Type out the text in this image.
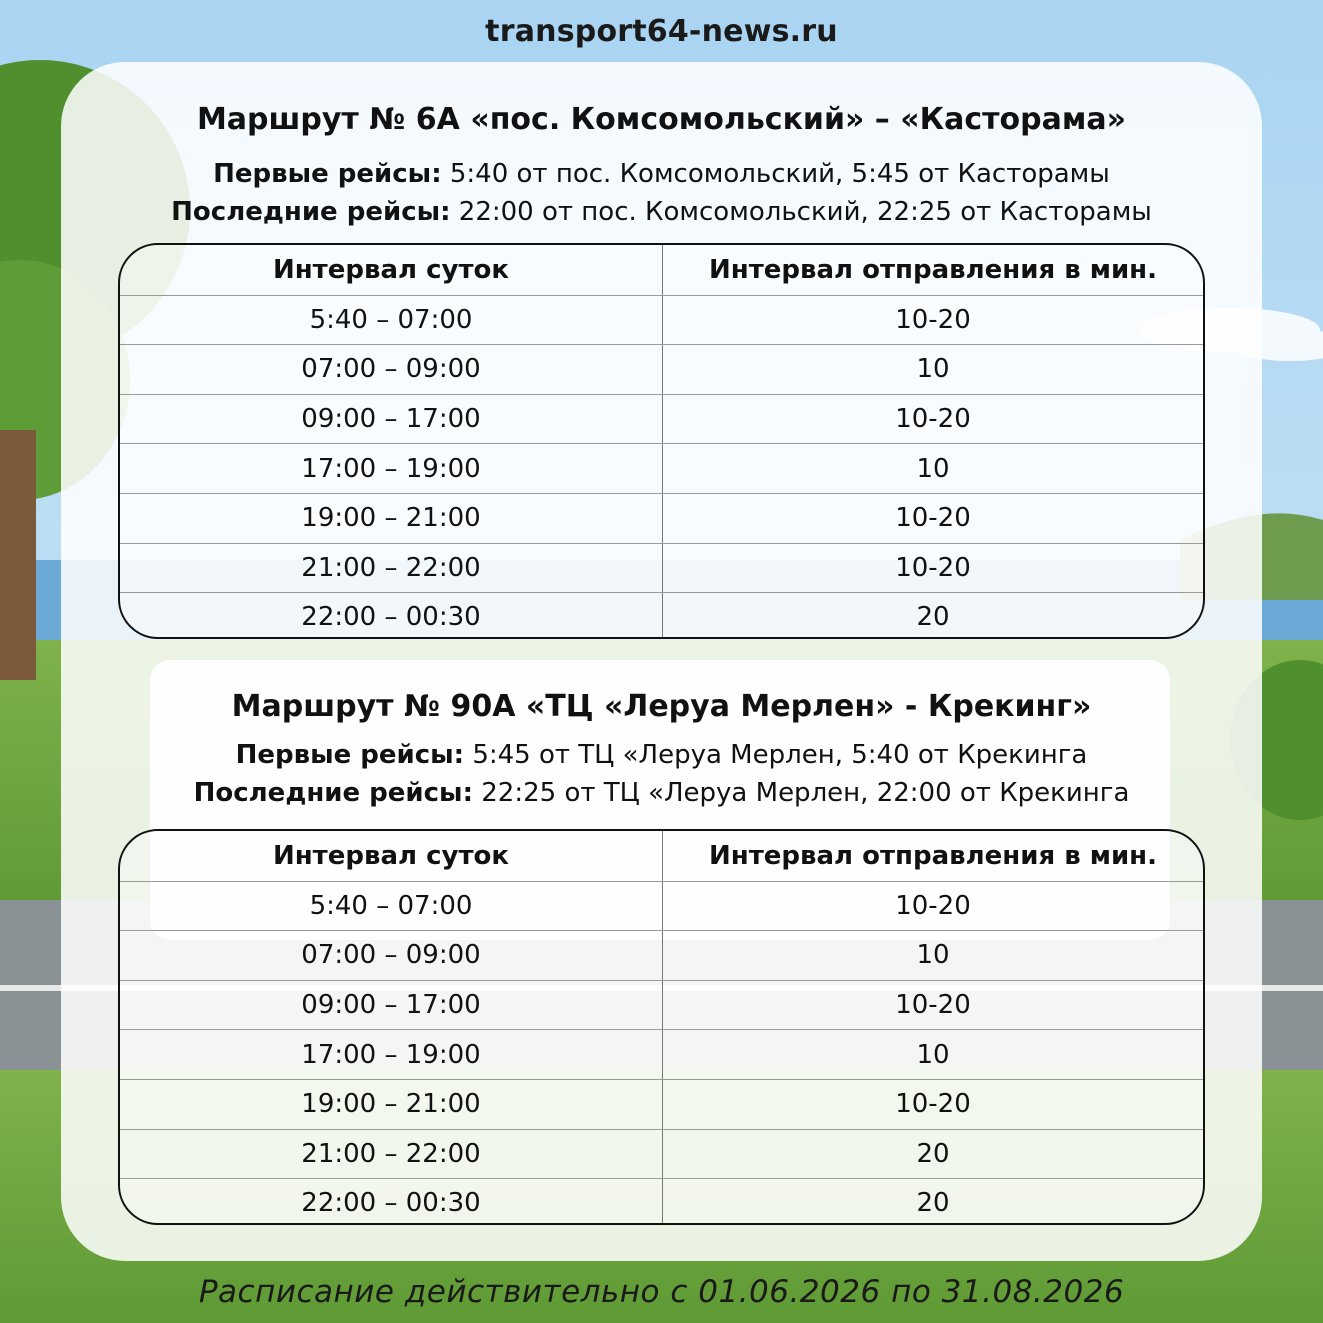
transport64-news.ru
Маршрут № 6А «пос. Комсомольский» – «Касторама»
Первые рейсы: 5:40 от пос. Комсомольский, 5:45 от Касторамы
Последние рейсы: 22:00 от пос. Комсомольский, 22:25 от Касторамы
Интервал суток	Интервал отправления в мин.
5:40 – 07:00	10-20
07:00 – 09:00	10
09:00 – 17:00	10-20
17:00 – 19:00	10
19:00 – 21:00	10-20
21:00 – 22:00	10-20
22:00 – 00:30	20
Маршрут № 90А «ТЦ «Леруа Мерлен» - Крекинг»
Первые рейсы: 5:45 от ТЦ «Леруа Мерлен, 5:40 от Крекинга
Последние рейсы: 22:25 от ТЦ «Леруа Мерлен, 22:00 от Крекинга
Интервал суток	Интервал отправления в мин.
5:40 – 07:00	10-20
07:00 – 09:00	10
09:00 – 17:00	10-20
17:00 – 19:00	10
19:00 – 21:00	10-20
21:00 – 22:00	20
22:00 – 00:30	20
Расписание действительно с 01.06.2026 по 31.08.2026
